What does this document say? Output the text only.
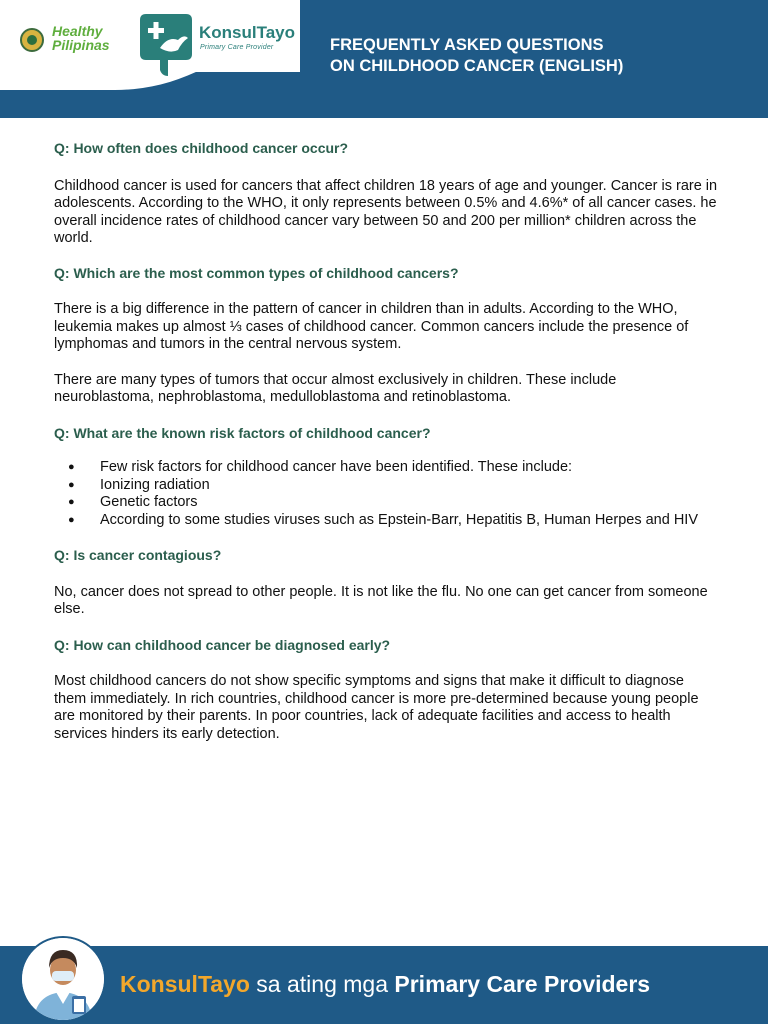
Healthy
Pilipinas
KonsulTayo
Primary Care Provider	FREQUENTLY ASKED QUESTIONS
ON CHILDHOOD CANCER (ENGLISH)

Q: How often does childhood cancer occur?

Childhood cancer is used for cancers that affect children 18 years of age and younger. Cancer is rare in adolescents. According to the WHO, it only represents between 0.5% and 4.6%* of all cancer cases. he overall incidence rates of childhood cancer vary between 50 and 200 per million* children across the world.

Q: Which are the most common types of childhood cancers?

There is a big difference in the pattern of cancer in children than in adults. According to the WHO, leukemia makes up almost ⅓ cases of childhood cancer. Common cancers include the presence of lymphomas and tumors in the central nervous system.

There are many types of tumors that occur almost exclusively in children. These include neuroblastoma, nephroblastoma, medulloblastoma and retinoblastoma.

Q: What are the known risk factors of childhood cancer?

● Few risk factors for childhood cancer have been identified. These include:
● Ionizing radiation
● Genetic factors
● According to some studies viruses such as Epstein-Barr, Hepatitis B, Human Herpes and HIV

Q: Is cancer contagious?

No, cancer does not spread to other people. It is not like the flu. No one can get cancer from someone else.

Q: How can childhood cancer be diagnosed early?

Most childhood cancers do not show specific symptoms and signs that make it difficult to diagnose them immediately. In rich countries, childhood cancer is more pre-determined because young people are monitored by their parents. In poor countries, lack of adequate facilities and access to health services hinders its early detection.

KonsulTayo sa ating mga Primary Care Providers
